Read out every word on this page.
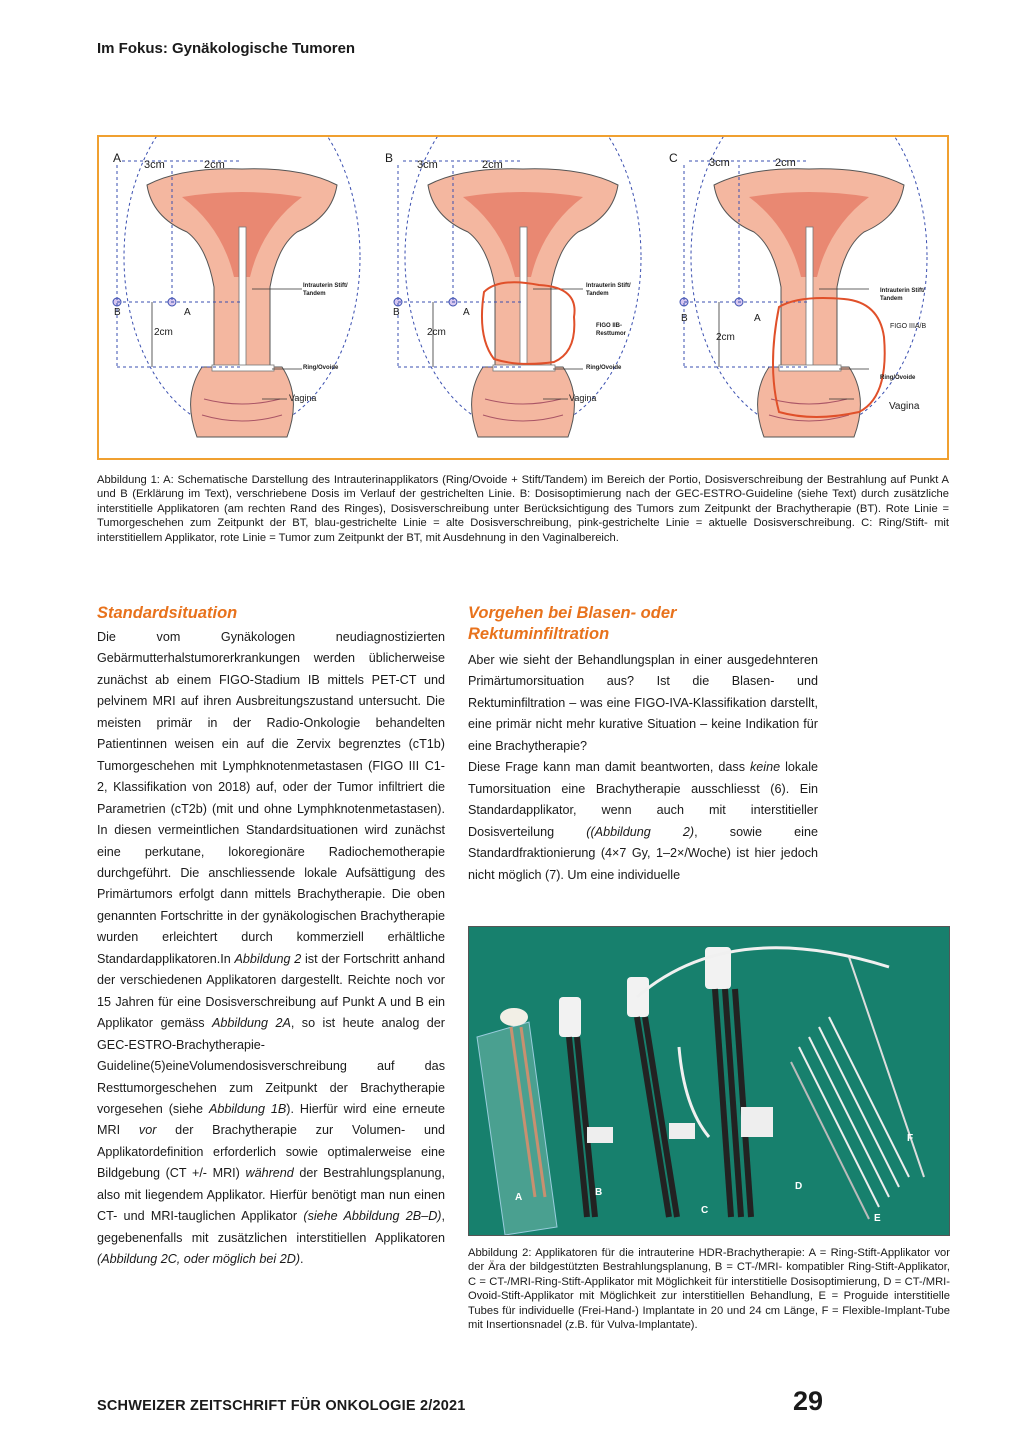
Im Fokus: Gynäkologische Tumoren
A	B	C
3cm	2cm
B	A
2cm
Intrauterin Stift/
Tandem
Ring/Ovoide
Vagina
3cm	2cm
B	A
2cm
Intrauterin Stift/
Tandem
FIGO IIB-
Resttumor
Ring/Ovoide
Vagina
3cm	2cm
B	A
2cm
Intrauterin Stift/
Tandem
FIGO IIIA/B
Ring/Ovoide
Vagina
Abbildung 1: A: Schematische Darstellung des Intrauterinapplikators (Ring/Ovoide + Stift/Tandem) im Bereich der Portio, Dosisverschreibung der Bestrahlung auf Punkt A und B (Erklärung im Text), verschriebene Dosis im Verlauf der gestrichelten Linie. B: Dosisoptimierung nach der GEC-ESTRO-Guideline (siehe Text) durch zusätzliche interstitielle Applikatoren (am rechten Rand des Ringes), Dosisverschreibung unter Berücksichtigung des Tumors zum Zeitpunkt der Brachytherapie (BT). Rote Linie = Tumorgeschehen zum Zeitpunkt der BT, blau-gestrichelte Linie = alte Dosisverschreibung, pink-gestrichelte Linie = aktuelle Dosisverschreibung. C: Ring/Stift- mit interstitiellem Applikator, rote Linie = Tumor zum Zeitpunkt der BT, mit Ausdehnung in den Vaginalbereich.
Standardsituation

Die vom Gynäkologen neudiagnostizierten Gebärmutterhalstumorerkrankungen werden üblicherweise zunächst ab einem FIGO-Stadium IB mittels PET-CT und pelvinem MRI auf ihren Ausbreitungszustand untersucht. Die meisten primär in der Radio-Onkologie behandelten Patientinnen weisen ein auf die Zervix begrenztes (cT1b) Tumorgeschehen mit Lymphknotenmetastasen (FIGO III C1-2, Klassifikation von 2018) auf, oder der Tumor infiltriert die Parametrien (cT2b) (mit und ohne Lymphknotenmetastasen). In diesen vermeintlichen Standardsituationen wird zunächst eine perkutane, lokoregionäre Radiochemotherapie durchgeführt. Die anschliessende lokale Aufsättigung des Primärtumors erfolgt dann mittels Brachytherapie. Die oben genannten Fortschritte in der gynäkologischen Brachytherapie wurden erleichtert durch kommerziell erhältliche Standardapplikatoren.In Abbildung 2 ist der Fortschritt anhand der verschiedenen Applikatoren dargestellt. Reichte noch vor 15 Jahren für eine Dosisverschreibung auf Punkt A und B ein Applikator gemäss Abbildung 2A, so ist heute analog der GEC-ESTRO-Brachytherapie-Guideline(5)eineVolumendosisverschreibung auf das Resttumorgeschehen zum Zeitpunkt der Brachytherapie vorgesehen (siehe Abbildung 1B). Hierfür wird eine erneute MRI vor der Brachytherapie zur Volumen- und Applikatordefinition erforderlich sowie optimalerweise eine Bildgebung (CT +/- MRI) während der Bestrahlungsplanung, also mit liegendem Applikator. Hierfür benötigt man nun einen CT- und MRI-tauglichen Applikator (siehe Abbildung 2B–D), gegebenenfalls mit zusätzlichen interstitiellen Applikatoren (Abbildung 2C, oder möglich bei 2D).

Vorgehen bei Blasen- oder Rektuminfiltration

Aber wie sieht der Behandlungsplan in einer ausgedehnteren Primärtumorsituation aus? Ist die Blasen- und Rektuminfiltration – was eine FIGO-IVA-Klassifikation darstellt, eine primär nicht mehr kurative Situation – keine Indikation für eine Brachytherapie?

Diese Frage kann man damit beantworten, dass keine lokale Tumorsituation eine Brachytherapie ausschliesst (6). Ein Standardapplikator, wenn auch mit interstitieller Dosisverteilung ((Abbildung 2), sowie eine Standardfraktionierung (4×7 Gy, 1–2×/Woche) ist hier jedoch nicht möglich (7). Um eine individuelle

A	B
C
D
E
F
Abbildung 2: Applikatoren für die intrauterine HDR-Brachytherapie: A = Ring-Stift-Applikator vor der Ära der bildgestützten Bestrahlungsplanung, B = CT-/MRI- kompatibler Ring-Stift-Applikator, C = CT-/MRI-Ring-Stift-Applikator mit Möglichkeit für interstitielle Dosisoptimierung, D = CT-/MRI-Ovoid-Stift-Applikator mit Möglichkeit zur interstitiellen Behandlung, E = Proguide interstitielle Tubes für individuelle (Frei-Hand-) Implantate in 20 und 24 cm Länge, F = Flexible-Implant-Tube mit Insertionsnadel (z.B. für Vulva-Implantate).
SCHWEIZER ZEITSCHRIFT FÜR ONKOLOGIE 2/2021	29
